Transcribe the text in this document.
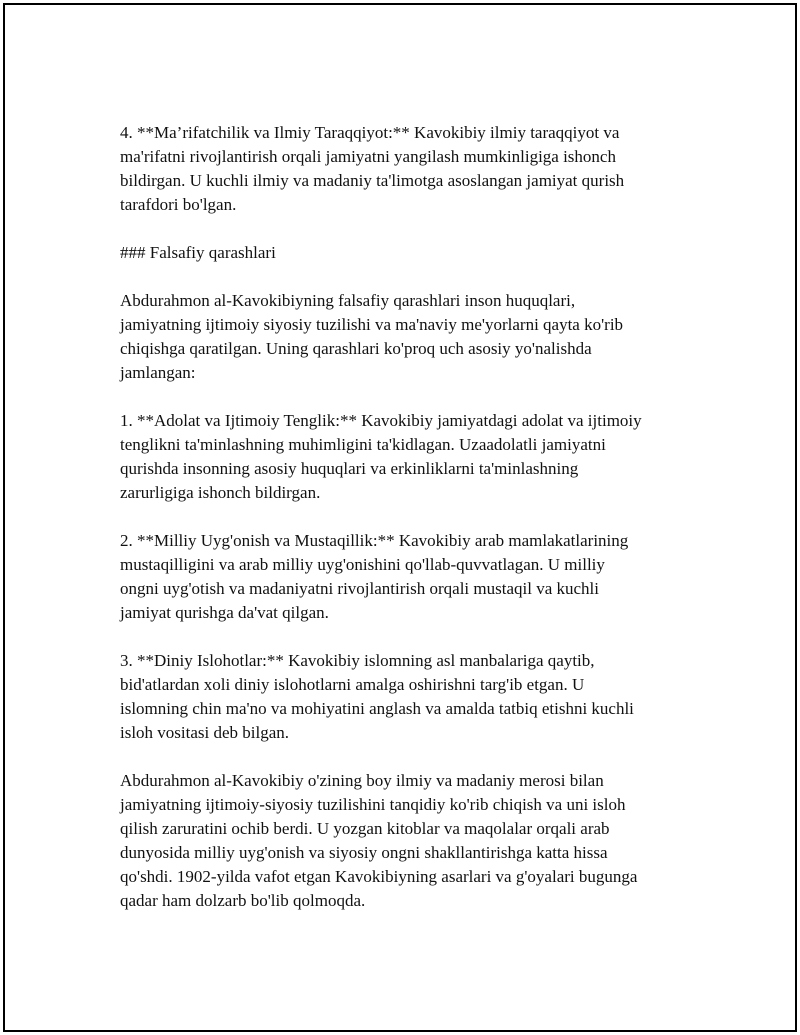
4. **Ma’rifatchilik va Ilmiy Taraqqiyot:** Kavokibiy ilmiy taraqqiyot va
ma'rifatni rivojlantirish orqali jamiyatni yangilash mumkinligiga ishonch
bildirgan. U kuchli ilmiy va madaniy ta'limotga asoslangan jamiyat qurish
tarafdori bo'lgan.

### Falsafiy qarashlari

Abdurahmon al-Kavokibiyning falsafiy qarashlari inson huquqlari,
jamiyatning ijtimoiy siyosiy tuzilishi va ma'naviy me'yorlarni qayta ko'rib
chiqishga qaratilgan. Uning qarashlari ko'proq uch asosiy yo'nalishda
jamlangan:

1. **Adolat va Ijtimoiy Tenglik:** Kavokibiy jamiyatdagi adolat va ijtimoiy
tenglikni ta'minlashning muhimligini ta'kidlagan. Uzaadolatli jamiyatni
qurishda insonning asosiy huquqlari va erkinliklarni ta'minlashning
zarurligiga ishonch bildirgan.

2. **Milliy Uyg'onish va Mustaqillik:** Kavokibiy arab mamlakatlarining
mustaqilligini va arab milliy uyg'onishini qo'llab-quvvatlagan. U milliy
ongni uyg'otish va madaniyatni rivojlantirish orqali mustaqil va kuchli
jamiyat qurishga da'vat qilgan.

3. **Diniy Islohotlar:** Kavokibiy islomning asl manbalariga qaytib,
bid'atlardan xoli diniy islohotlarni amalga oshirishni targ'ib etgan. U
islomning chin ma'no va mohiyatini anglash va amalda tatbiq etishni kuchli
isloh vositasi deb bilgan.

Abdurahmon al-Kavokibiy o'zining boy ilmiy va madaniy merosi bilan
jamiyatning ijtimoiy-siyosiy tuzilishini tanqidiy ko'rib chiqish va uni isloh
qilish zaruratini ochib berdi. U yozgan kitoblar va maqolalar orqali arab
dunyosida milliy uyg'onish va siyosiy ongni shakllantirishga katta hissa
qo'shdi. 1902-yilda vafot etgan Kavokibiyning asarlari va g'oyalari bugunga
qadar ham dolzarb bo'lib qolmoqda.
